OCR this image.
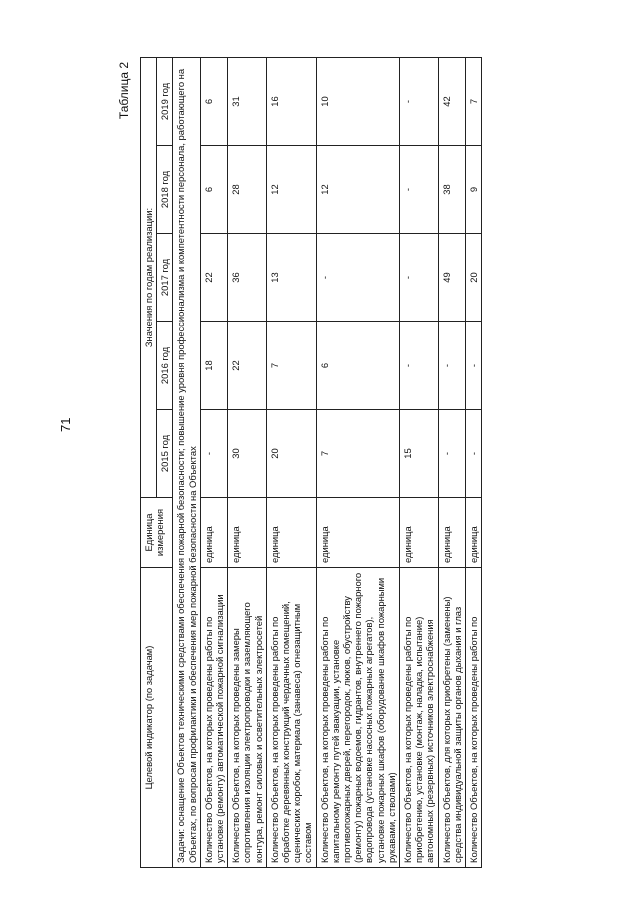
71
Таблица 2
Целевой индикатор (по задачам)	Единица измерения	Значения по годам реализации:				
		2015 год	2016 год	2017 год	2018 год	2019 год
Задачи: оснащение Объектов техническими средствами обеспечения пожарной безопасности; повышение уровня профессионализма и компетентности персонала, работающего на Объектах, по вопросам профилактики и обеспечения мер пожарной безопасности на Объектах						
Количество Объектов, на которых проведены работы по установке (ремонту) автоматической пожарной сигнализации	единица	-	18	22	6	6
Количество Объектов, на которых проведены замеры сопротивления изоляции электропроводки и заземляющего контура, ремонт силовых и осветительных электросетей	единица	30	22	36	28	31
Количество Объектов, на которых проведены работы по обработке деревянных конструкций чердачных помещений, сценических коробок, материала (занавеса) огнезащитным составом	единица	20	7	13	12	16
Количество Объектов, на которых проведены работы по капитальному ремонту путей эвакуации, установке противопожарных дверей, перегородок, люков, обустройству (ремонту) пожарных водоемов, гидрантов, внутреннего пожарного водопровода (установке насосных пожарных агрегатов), установке пожарных шкафов (оборудование шкафов пожарными рукавами, стволами)	единица	7	6	-	12	10
Количество Объектов, на которых проведены работы по приобретению, установке (монтаж, наладка, испытание) автономных (резервных) источников электроснабжения	единица	15	-	-	-	-
Количество Объектов, для которых приобретены (заменены) средства индивидуальной защиты органов дыхания и глаз	единица	-	-	49	38	42
Количество Объектов, на которых проведены работы по	единица	-	-	20	9	7
